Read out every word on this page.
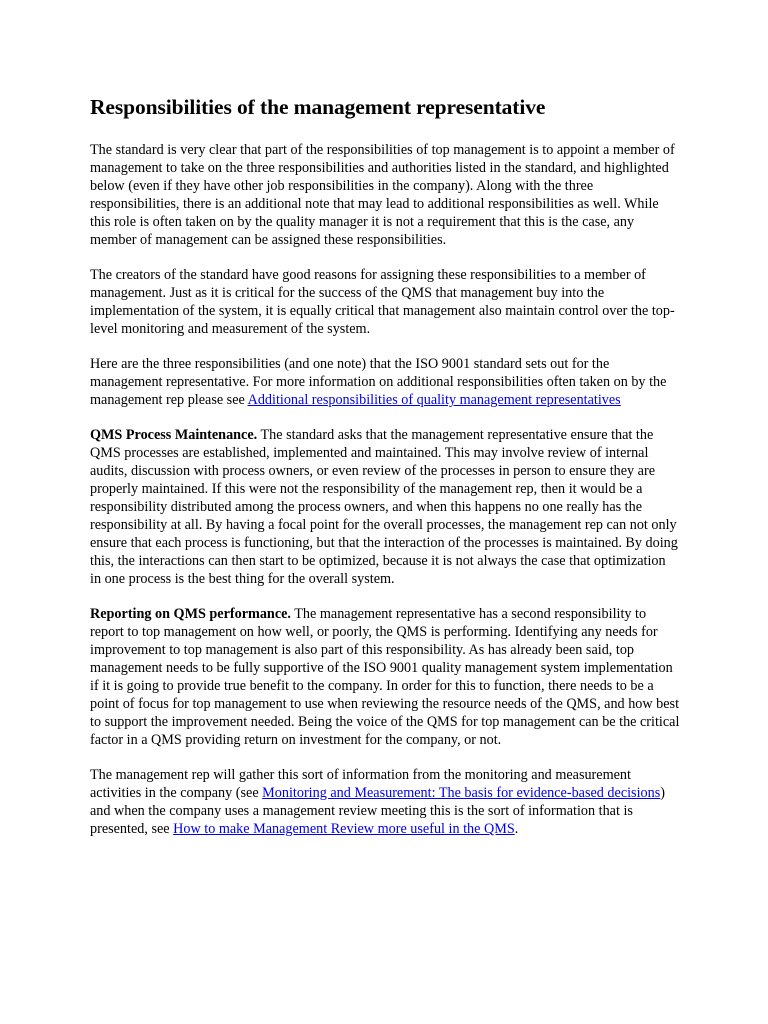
Responsibilities of the management representative

The standard is very clear that part of the responsibilities of top management is to appoint a member of management to take on the three responsibilities and authorities listed in the standard, and highlighted below (even if they have other job responsibilities in the company). Along with the three responsibilities, there is an additional note that may lead to additional responsibilities as well. While this role is often taken on by the quality manager it is not a requirement that this is the case, any member of management can be assigned these responsibilities.

The creators of the standard have good reasons for assigning these responsibilities to a member of management. Just as it is critical for the success of the QMS that management buy into the implementation of the system, it is equally critical that management also maintain control over the top-level monitoring and measurement of the system.

Here are the three responsibilities (and one note) that the ISO 9001 standard sets out for the management representative. For more information on additional responsibilities often taken on by the management rep please see Additional responsibilities of quality management representatives

QMS Process Maintenance. The standard asks that the management representative ensure that the QMS processes are established, implemented and maintained. This may involve review of internal audits, discussion with process owners, or even review of the processes in person to ensure they are properly maintained. If this were not the responsibility of the management rep, then it would be a responsibility distributed among the process owners, and when this happens no one really has the responsibility at all. By having a focal point for the overall processes, the management rep can not only ensure that each process is functioning, but that the interaction of the processes is maintained. By doing this, the interactions can then start to be optimized, because it is not always the case that optimization in one process is the best thing for the overall system.

Reporting on QMS performance. The management representative has a second responsibility to report to top management on how well, or poorly, the QMS is performing. Identifying any needs for improvement to top management is also part of this responsibility. As has already been said, top management needs to be fully supportive of the ISO 9001 quality management system implementation if it is going to provide true benefit to the company. In order for this to function, there needs to be a point of focus for top management to use when reviewing the resource needs of the QMS, and how best to support the improvement needed. Being the voice of the QMS for top management can be the critical factor in a QMS providing return on investment for the company, or not.

The management rep will gather this sort of information from the monitoring and measurement activities in the company (see Monitoring and Measurement: The basis for evidence-based decisions) and when the company uses a management review meeting this is the sort of information that is presented, see How to make Management Review more useful in the QMS.
